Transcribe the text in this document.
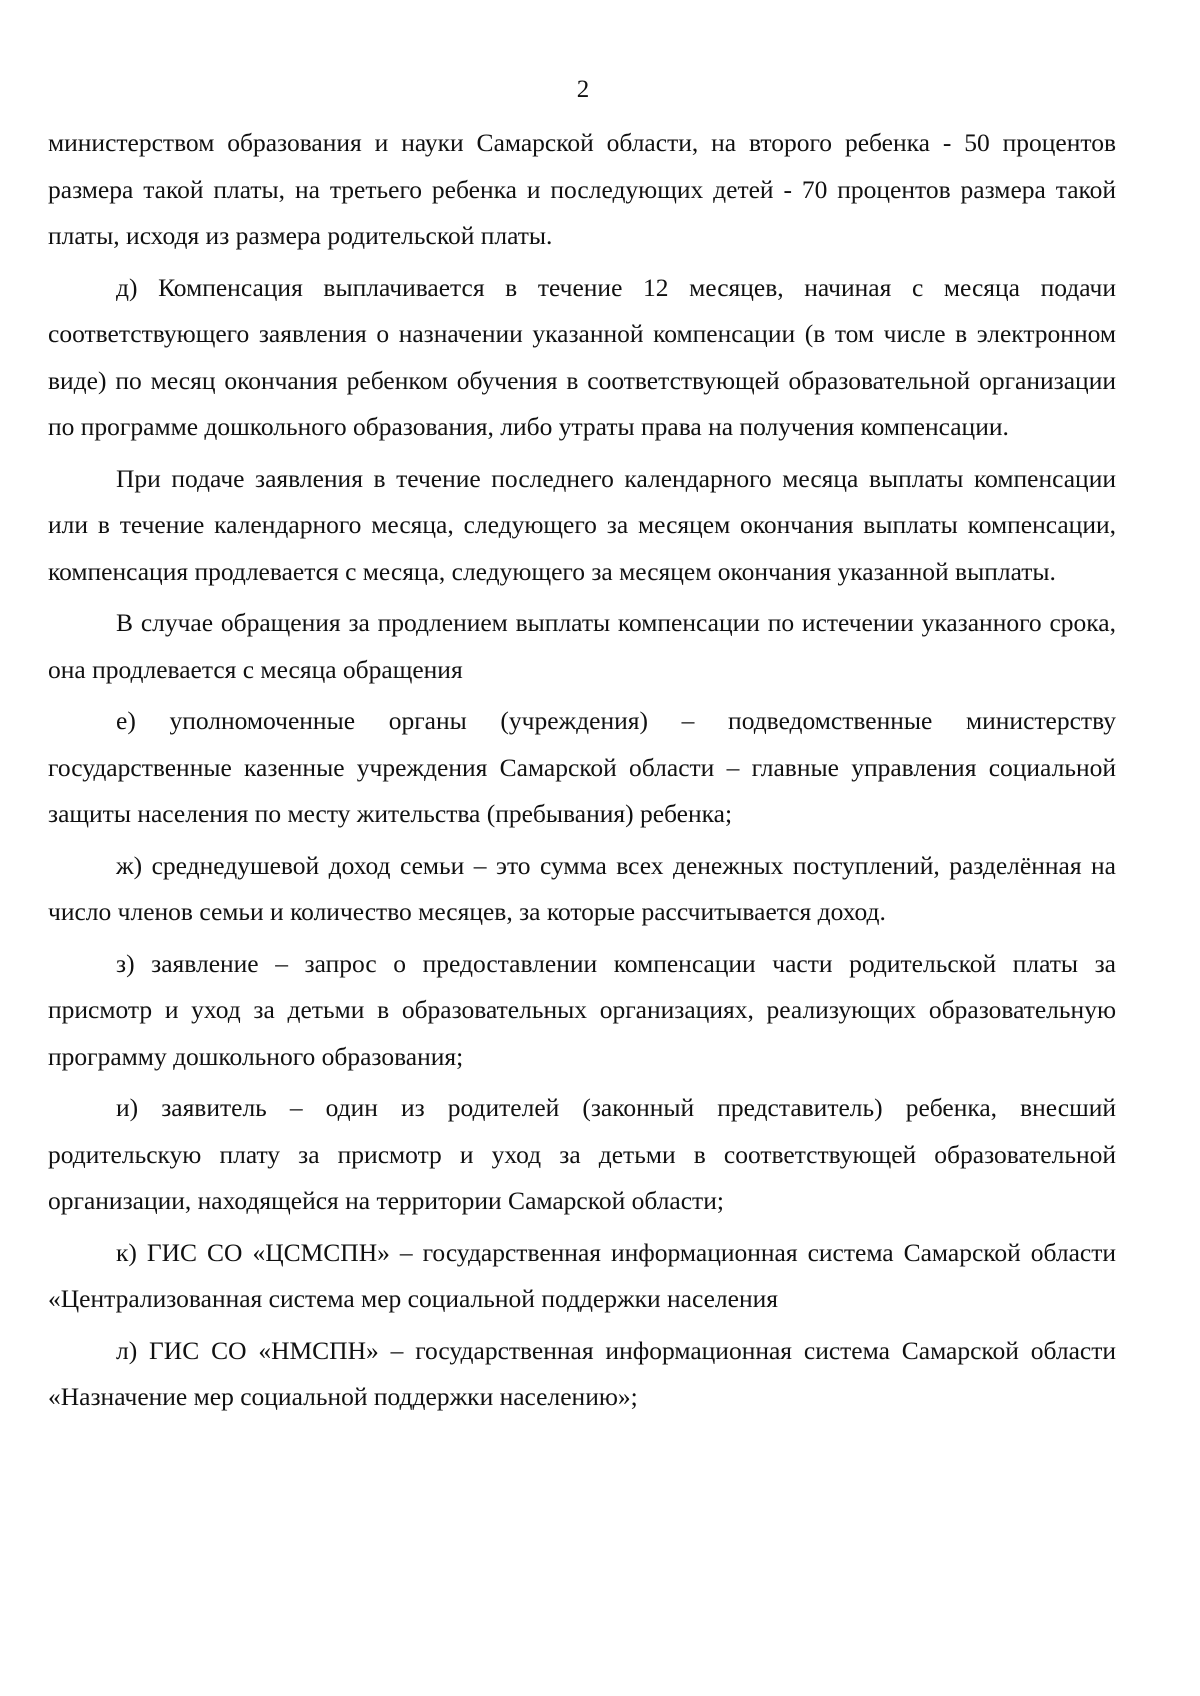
2

министерством образования и науки Самарской области, на второго ребенка - 50 процентов размера такой платы, на третьего ребенка и последующих детей - 70 процентов размера такой платы, исходя из размера родительской платы.

д) Компенсация выплачивается в течение 12 месяцев, начиная с месяца подачи соответствующего заявления о назначении указанной компенсации (в том числе в электронном виде) по месяц окончания ребенком обучения в соответствующей образовательной организации по программе дошкольного образования, либо утраты права на получения компенсации.

При подаче заявления в течение последнего календарного месяца выплаты компенсации или в течение календарного месяца, следующего за месяцем окончания выплаты компенсации, компенсация продлевается с месяца, следующего за месяцем окончания указанной выплаты.

В случае обращения за продлением выплаты компенсации по истечении указанного срока, она продлевается с месяца обращения

е) уполномоченные органы (учреждения) – подведомственные министерству государственные казенные учреждения Самарской области – главные управления социальной защиты населения по месту жительства (пребывания) ребенка;

ж) среднедушевой доход семьи – это сумма всех денежных поступлений, разделённая на число членов семьи и количество месяцев, за которые рассчитывается доход.

з) заявление – запрос о предоставлении компенсации части родительской платы за присмотр и уход за детьми в образовательных организациях, реализующих образовательную программу дошкольного образования;

и) заявитель – один из родителей (законный представитель) ребенка, внесший родительскую плату за присмотр и уход за детьми в соответствующей образовательной организации, находящейся на территории Самарской области;

к) ГИС СО «ЦСМСПН» – государственная информационная система Самарской области «Централизованная система мер социальной поддержки населения

л) ГИС СО «НМСПН» – государственная информационная система Самарской области «Назначение мер социальной поддержки населению»;
